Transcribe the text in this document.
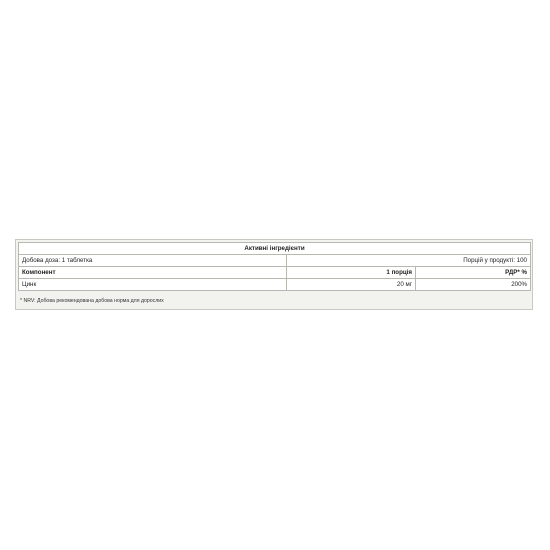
Активні інгредієнти		
Добова доза: 1 таблетка	Порцій у продукті: 100	
Компонент	1 порція	РДР* %
Цинк	20 мг	200%
* NRV: Добова рекомендована добова норма для дорослих
